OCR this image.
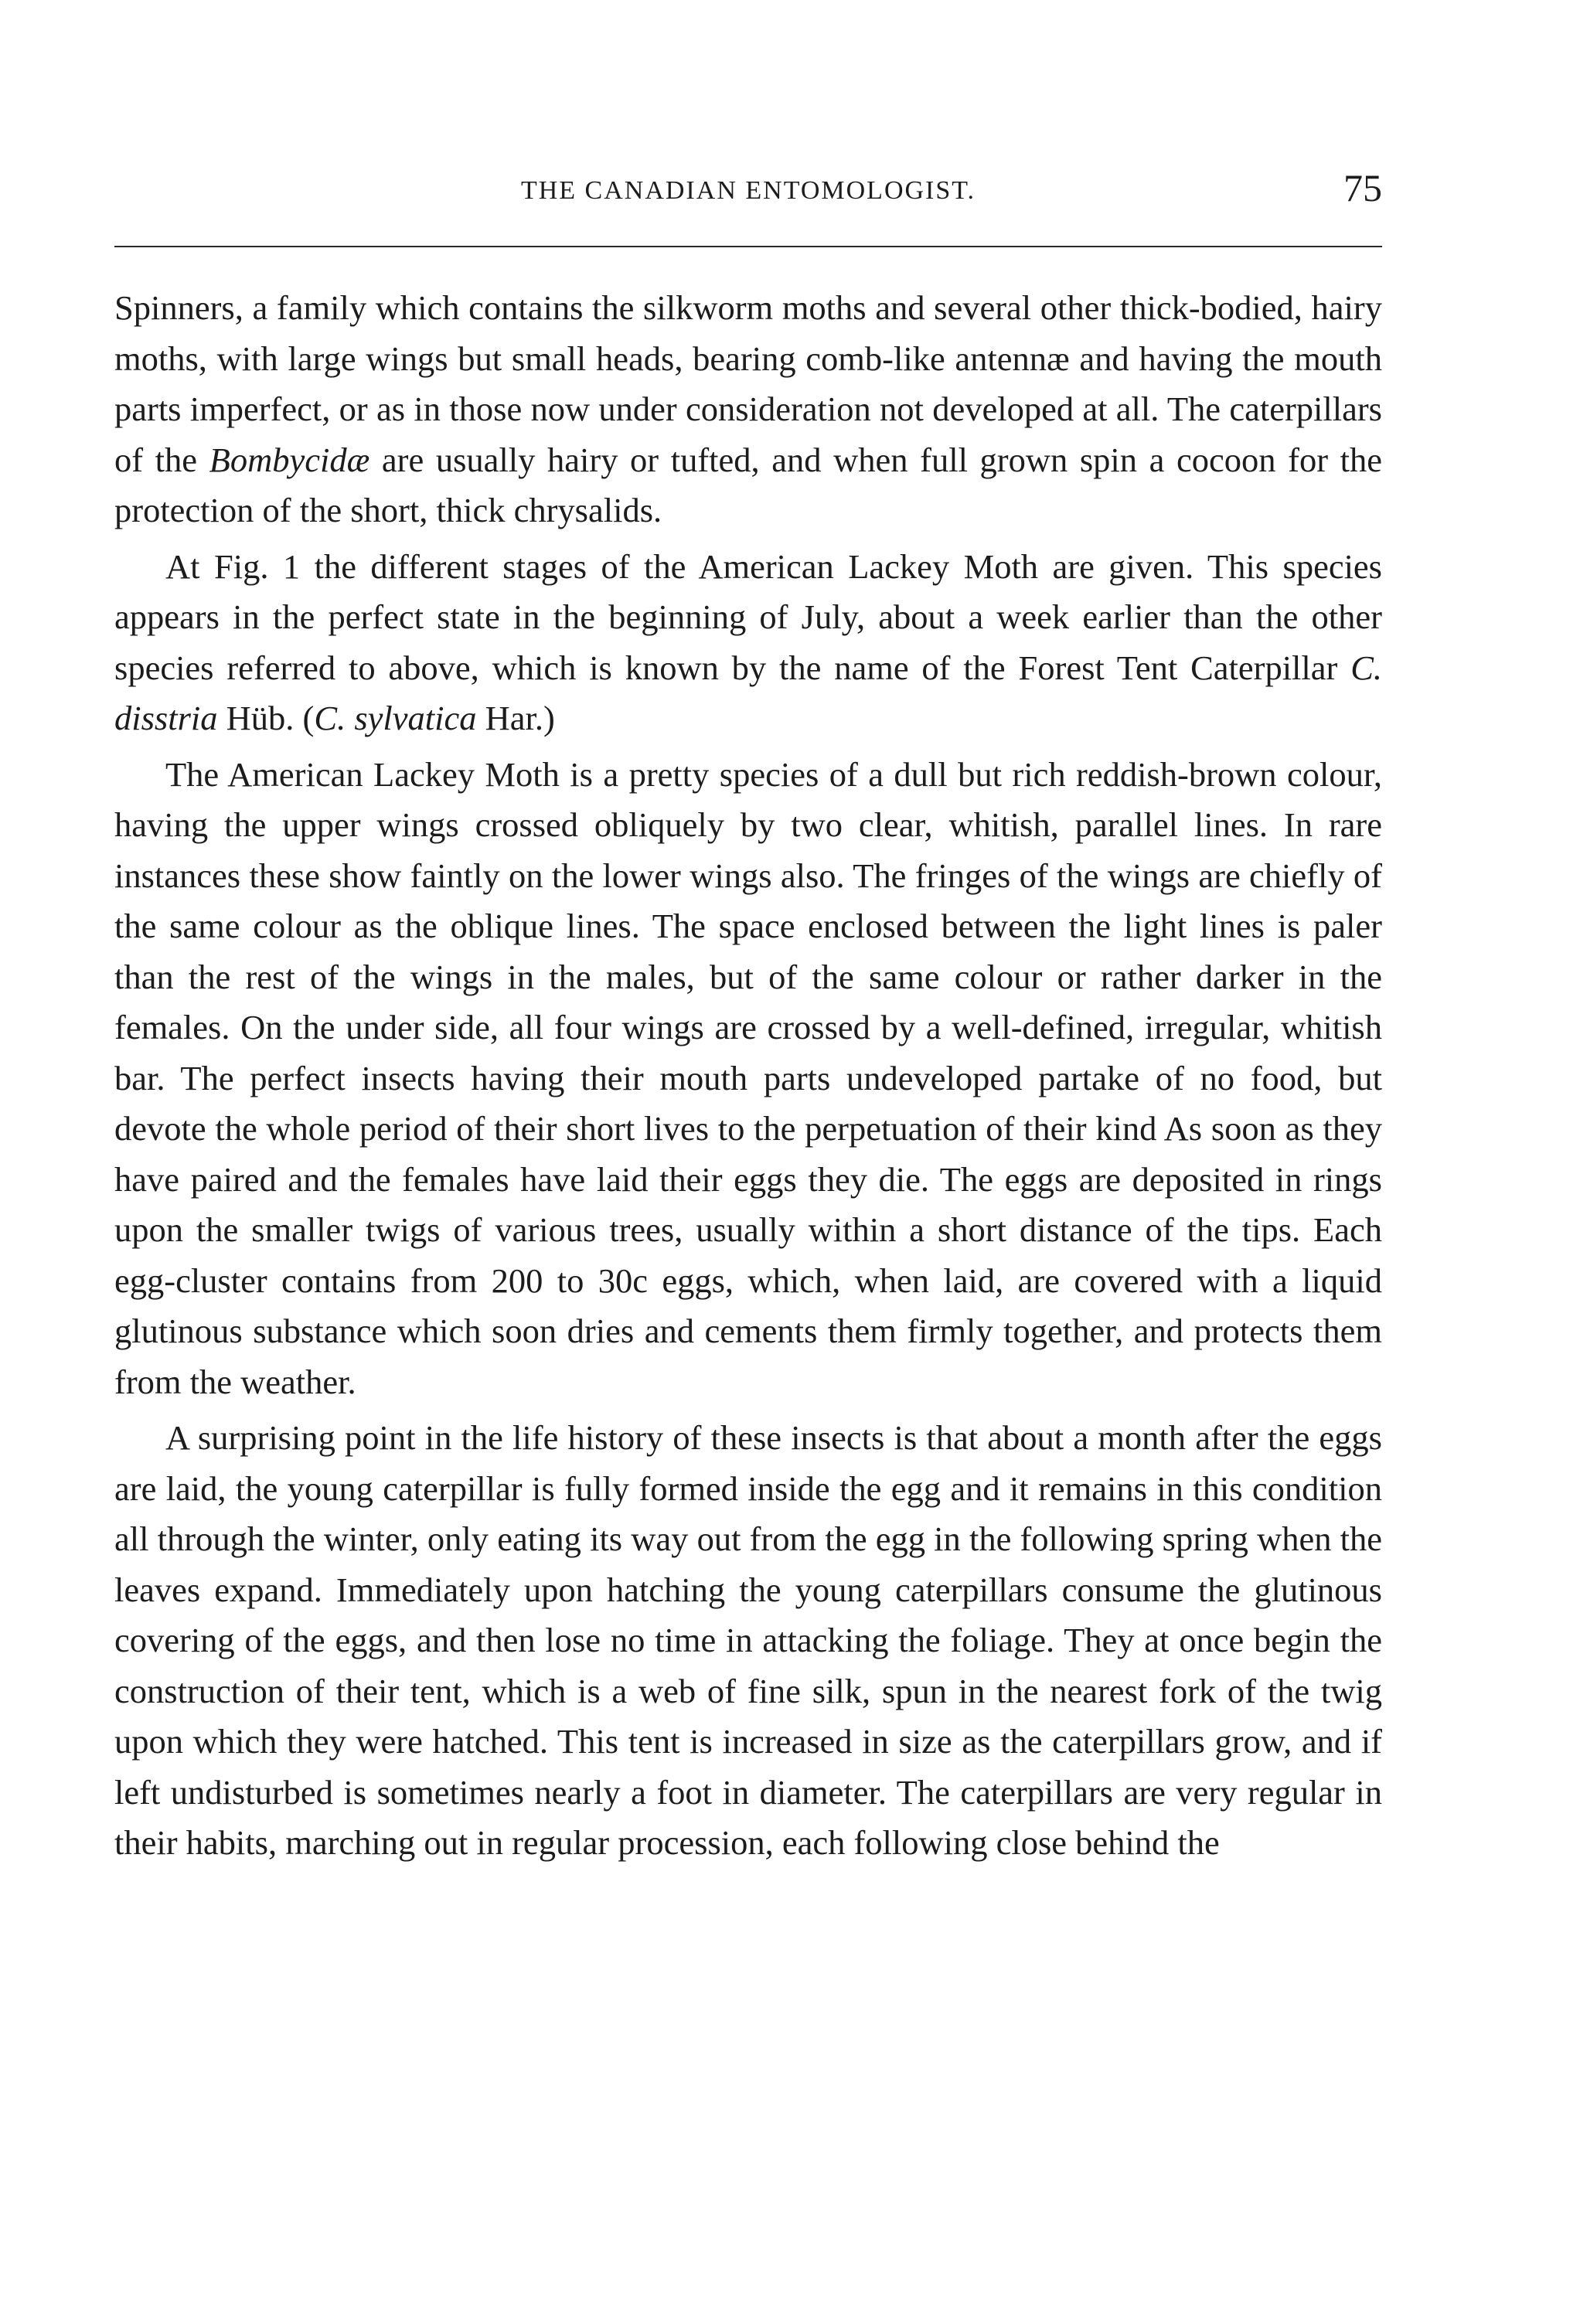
THE CANADIAN ENTOMOLOGIST.	75

Spinners, a family which contains the silkworm moths and several other thick-bodied, hairy moths, with large wings but small heads, bearing comb-like antennæ and having the mouth parts imperfect, or as in those now under consideration not developed at all. The caterpillars of the Bombycidæ are usually hairy or tufted, and when full grown spin a cocoon for the protection of the short, thick chrysalids.

At Fig. 1 the different stages of the American Lackey Moth are given. This species appears in the perfect state in the beginning of July, about a week earlier than the other species referred to above, which is known by the name of the Forest Tent Caterpillar C. disstria Hüb. (C. sylvatica Har.)

The American Lackey Moth is a pretty species of a dull but rich reddish-brown colour, having the upper wings crossed obliquely by two clear, whitish, parallel lines. In rare instances these show faintly on the lower wings also. The fringes of the wings are chiefly of the same colour as the oblique lines. The space enclosed between the light lines is paler than the rest of the wings in the males, but of the same colour or rather darker in the females. On the under side, all four wings are crossed by a well-defined, irregular, whitish bar. The perfect insects having their mouth parts undeveloped partake of no food, but devote the whole period of their short lives to the perpetuation of their kind As soon as they have paired and the females have laid their eggs they die. The eggs are deposited in rings upon the smaller twigs of various trees, usually within a short distance of the tips. Each egg-cluster contains from 200 to 30c eggs, which, when laid, are covered with a liquid glutinous substance which soon dries and cements them firmly together, and protects them from the weather.

A surprising point in the life history of these insects is that about a month after the eggs are laid, the young caterpillar is fully formed inside the egg and it remains in this condition all through the winter, only eating its way out from the egg in the following spring when the leaves expand. Immediately upon hatching the young caterpillars consume the glutinous covering of the eggs, and then lose no time in attacking the foliage. They at once begin the construction of their tent, which is a web of fine silk, spun in the nearest fork of the twig upon which they were hatched. This tent is increased in size as the caterpillars grow, and if left undisturbed is sometimes nearly a foot in diameter. The caterpillars are very regular in their habits, marching out in regular procession, each following close behind the
